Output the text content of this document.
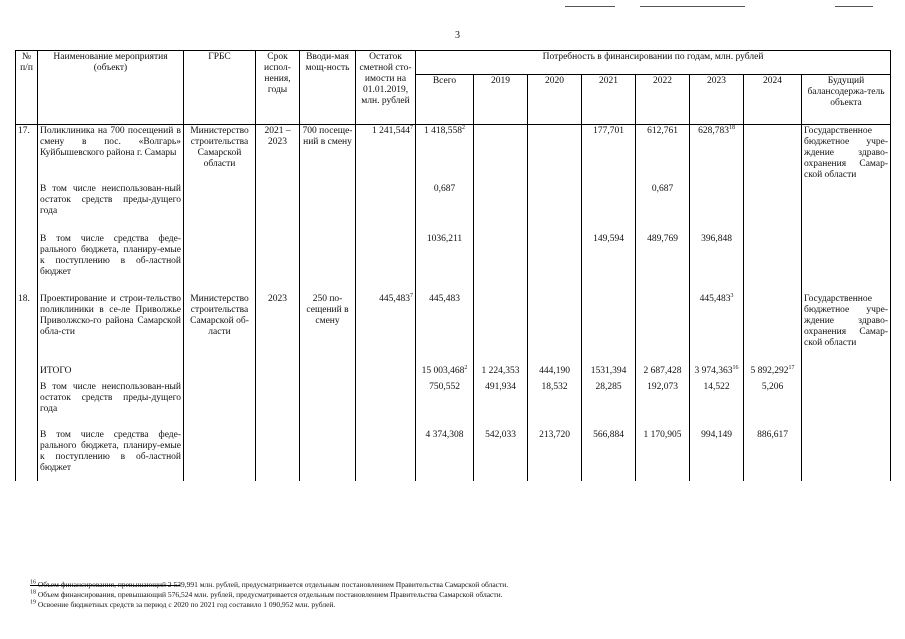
3
№ п/п	Наименование мероприятия (объект)	ГРБС	Срок испол-нения, годы	Вводи-мая мощ-ность	Остаток сметной сто-имости на 01.01.2019, млн. рублей	Потребность в финансировании по годам, млн. рублей							
						Всего	2019	2020	2021	2022	2023	2024	Будущий балансодержа-тель объекта
17.	Поликлиника на 700 посещений в смену в пос. «Волгарь» Куйбышевского района г. Самары	Министерство строительства Самарской области	2021 – 2023	700 посеще-ний в смену	1 241,544$^7$	1 418,558$^2$			177,701	612,761	628,783$^{18}$		Государственное бюджетное учре-ждение здраво-охранения Самар-ской области
	В том числе неиспользован-ный остаток средств преды-дущего года					0,687				0,687			
	В том числе средства феде-рального бюджета, планиру-емые к поступлению в об-ластной бюджет					1036,211			149,594	489,769	396,848		
18.	Проектирование и строи-тельство поликлиники в се-ле Приволжье Приволжско-го района Самарской обла-сти	Министерство строительства Самарской об-ласти	2023	250 по-сещений в смену	445,483$^7$	445,483					445,483$^3$		Государственное бюджетное учре-ждение здраво-охранения Самар-ской области
	ИТОГО					15 003,468$^2$	1 224,353	444,190	1531,394	2 687,428	3 974,363$^{16}$	5 892,292$^{17}$	
	В том числе неиспользован-ный остаток средств преды-дущего года					750,552	491,934	18,532	28,285	192,073	14,522	5,206	
	В том числе средства феде-рального бюджета, планиру-емые к поступлению в об-ластной бюджет					4 374,308	542,033	213,720	566,884	1 170,905	994,149	886,617	
$^{16}$ Объем финансирования, превышающий 2 539,991 млн. рублей, предусматривается отдельным постановлением Правительства Самарской области.
$^{18}$ Объем финансирования, превышающий 576,524 млн. рублей, предусматривается отдельным постановлением Правительства Самарской области.
$^{19}$ Освоение бюджетных средств за период с 2020 по 2021 год составило 1 090,952 млн. рублей.
